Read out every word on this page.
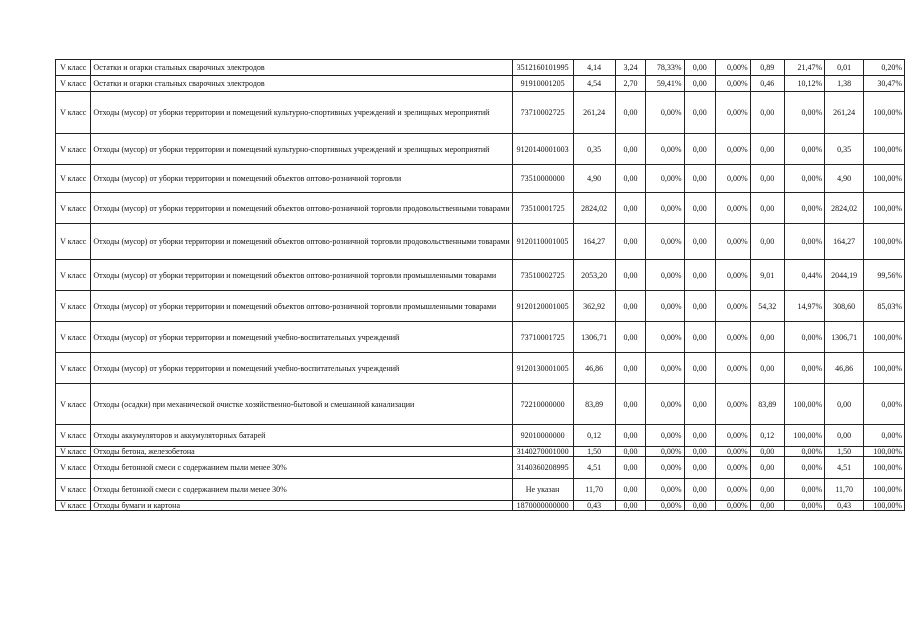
V класс	Остатки и огарки стальных сварочных электродов	3512160101995	4,14	3,24	78,33%	0,00	0,00%	0,89	21,47%	0,01	0,20%
V класс	Остатки и огарки стальных сварочных электродов	91910001205	4,54	2,70	59,41%	0,00	0,00%	0,46	10,12%	1,38	30,47%
V класс	Отходы (мусор) от уборки территории и помещений культурно-спортивных учреждений и зрелищных мероприятий	73710002725	261,24	0,00	0,00%	0,00	0,00%	0,00	0,00%	261,24	100,00%
V класс	Отходы (мусор) от уборки территории и помещений культурно-спортивных учреждений и зрелищных мероприятий	9120140001003	0,35	0,00	0,00%	0,00	0,00%	0,00	0,00%	0,35	100,00%
V класс	Отходы (мусор) от уборки территории и помещений объектов оптово-розничной торговли	73510000000	4,90	0,00	0,00%	0,00	0,00%	0,00	0,00%	4,90	100,00%
V класс	Отходы (мусор) от уборки территории и помещений объектов оптово-розничной торговли продовольственными товарами	73510001725	2824,02	0,00	0,00%	0,00	0,00%	0,00	0,00%	2824,02	100,00%
V класс	Отходы (мусор) от уборки территории и помещений объектов оптово-розничной торговли продовольственными товарами	9120110001005	164,27	0,00	0,00%	0,00	0,00%	0,00	0,00%	164,27	100,00%
V класс	Отходы (мусор) от уборки территории и помещений объектов оптово-розничной торговли промышленными товарами	73510002725	2053,20	0,00	0,00%	0,00	0,00%	9,01	0,44%	2044,19	99,56%
V класс	Отходы (мусор) от уборки территории и помещений объектов оптово-розничной торговли промышленными товарами	9120120001005	362,92	0,00	0,00%	0,00	0,00%	54,32	14,97%	308,60	85,03%
V класс	Отходы (мусор) от уборки территории и помещений учебно-воспитательных учреждений	73710001725	1306,71	0,00	0,00%	0,00	0,00%	0,00	0,00%	1306,71	100,00%
V класс	Отходы (мусор) от уборки территории и помещений учебно-воспитательных учреждений	9120130001005	46,86	0,00	0,00%	0,00	0,00%	0,00	0,00%	46,86	100,00%
V класс	Отходы (осадки) при механической очистке хозяйственно-бытовой и смешанной канализации	72210000000	83,89	0,00	0,00%	0,00	0,00%	83,89	100,00%	0,00	0,00%
V класс	Отходы аккумуляторов и аккумуляторных батарей	92010000000	0,12	0,00	0,00%	0,00	0,00%	0,12	100,00%	0,00	0,00%
V класс	Отходы бетона, железобетона	3140270001000	1,50	0,00	0,00%	0,00	0,00%	0,00	0,00%	1,50	100,00%
V класс	Отходы бетонной смеси с содержанием пыли менее 30%	3140360208995	4,51	0,00	0,00%	0,00	0,00%	0,00	0,00%	4,51	100,00%
V класс	Отходы бетонной смеси с содержанием пыли менее 30%	Не указан	11,70	0,00	0,00%	0,00	0,00%	0,00	0,00%	11,70	100,00%
V класс	Отходы бумаги и картона	1870000000000	0,43	0,00	0,00%	0,00	0,00%	0,00	0,00%	0,43	100,00%
